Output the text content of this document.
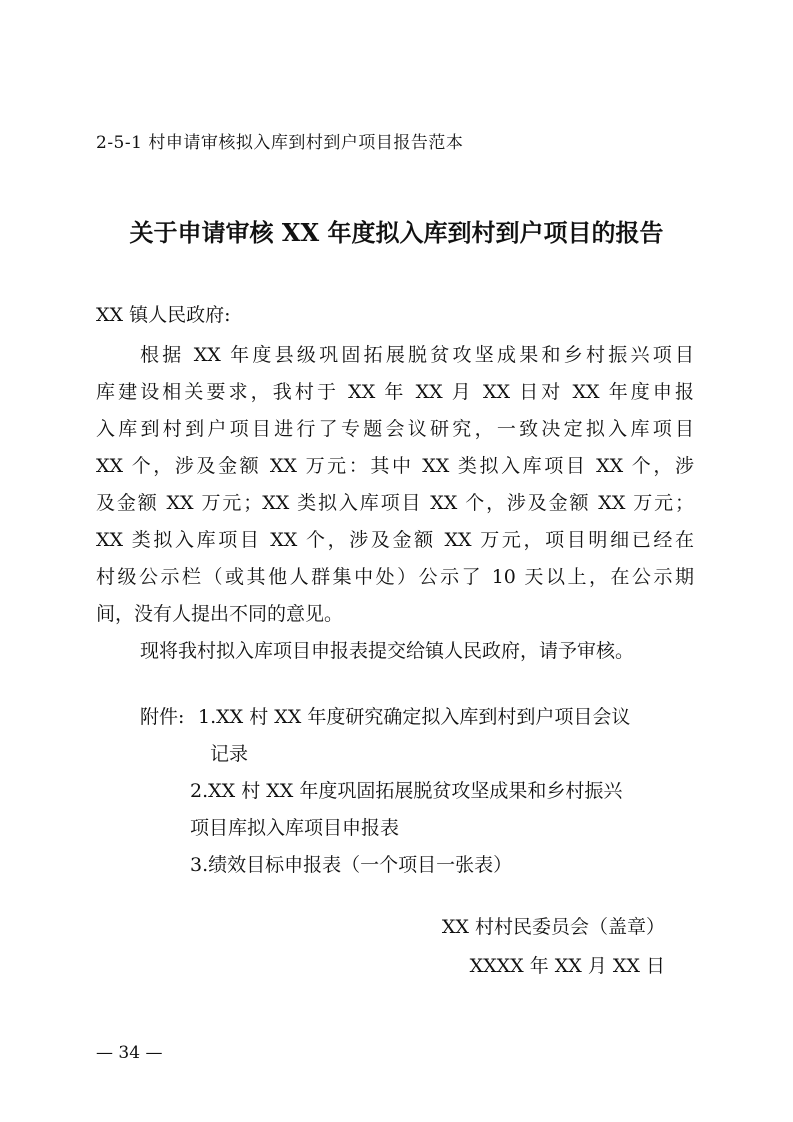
2-5-1 村申请审核拟入库到村到户项目报告范本
关于申请审核 XX 年度拟入库到村到户项目的报告
XX 镇人民政府:
根据 XX 年度县级巩固拓展脱贫攻坚成果和乡村振兴项目
库建设相关要求，我村于 XX 年 XX 月 XX 日对 XX 年度申报
入库到村到户项目进行了专题会议研究，一致决定拟入库项目
XX 个，涉及金额 XX 万元：其中 XX 类拟入库项目 XX 个，涉
及金额 XX 万元；XX 类拟入库项目 XX 个，涉及金额 XX 万元；
XX 类拟入库项目 XX 个，涉及金额 XX 万元，项目明细已经在
村级公示栏（或其他人群集中处）公示了 10 天以上，在公示期
间，没有人提出不同的意见。
现将我村拟入库项目申报表提交给镇人民政府，请予审核。
附件: 1.XX 村 XX 年度研究确定拟入库到村到户项目会议
记录
2.XX 村 XX 年度巩固拓展脱贫攻坚成果和乡村振兴
项目库拟入库项目申报表
3.绩效目标申报表（一个项目一张表）
XX 村村民委员会（盖章）
XXXX 年 XX 月 XX 日
— 34 —
